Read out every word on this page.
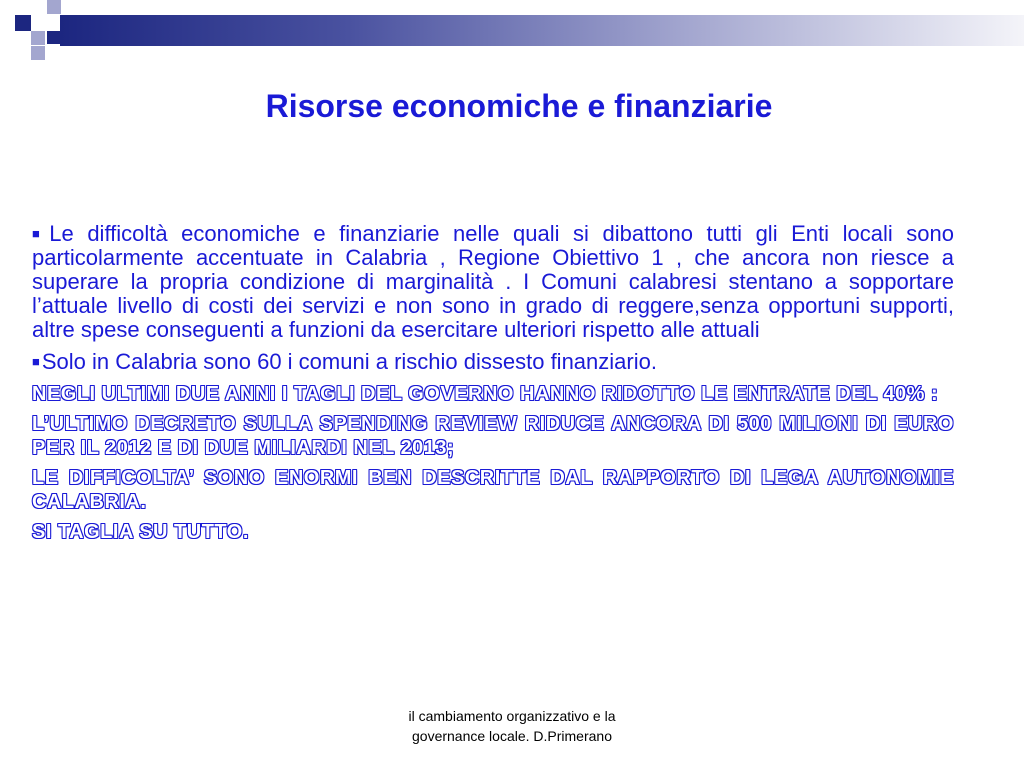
Risorse economiche e finanziarie

■Le difficoltà economiche e finanziarie nelle quali si dibattono tutti gli Enti locali sono particolarmente accentuate in Calabria , Regione Obiettivo 1 , che ancora non riesce a superare la propria condizione di marginalità . I Comuni calabresi stentano a sopportare l’attuale livello di costi dei servizi e non sono in grado di reggere,senza opportuni supporti, altre spese conseguenti a funzioni da esercitare ulteriori rispetto alle attuali

■Solo in Calabria sono 60 i comuni a rischio dissesto finanziario.

NEGLI ULTIMI DUE ANNI I TAGLI DEL GOVERNO HANNO RIDOTTO LE ENTRATE DEL 40% :

L’ULTIMO DECRETO SULLA SPENDING REVIEW RIDUCE ANCORA DI 500 MILIONI DI EURO PER IL 2012 E DI DUE MILIARDI NEL 2013;

LE DIFFICOLTA’ SONO ENORMI BEN DESCRITTE DAL RAPPORTO DI LEGA AUTONOMIE CALABRIA.

SI TAGLIA SU TUTTO.

il cambiamento organizzativo e la
governance locale. D.Primerano
